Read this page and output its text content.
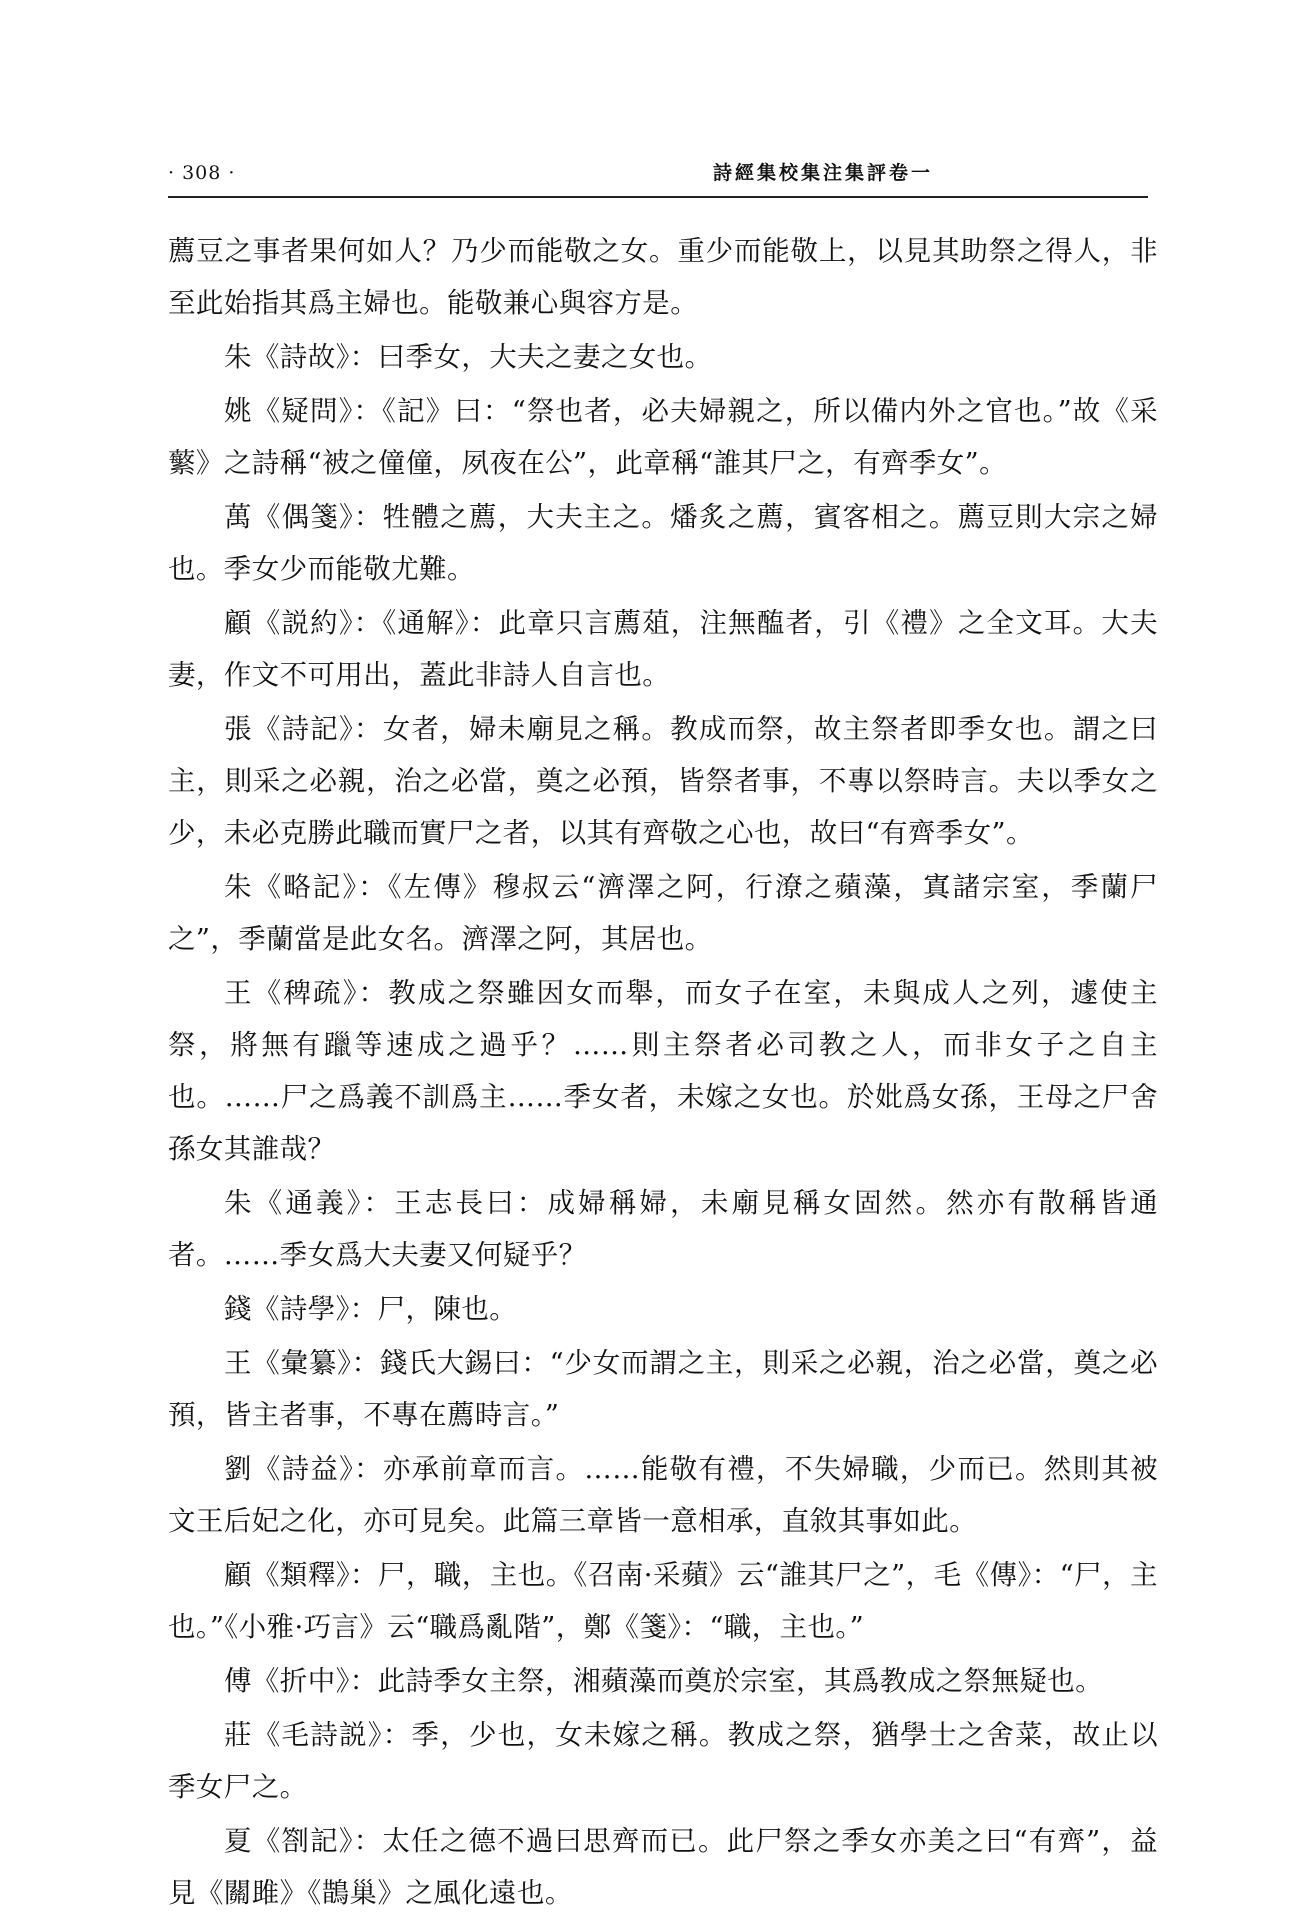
· 308 ·	詩經集校集注集評卷一

薦豆之事者果何如人？乃少而能敬之女。重少而能敬上，以見其助祭之得人，非至此始指其爲主婦也。能敬兼心與容方是。

朱《詩故》：曰季女，大夫之妻之女也。

姚《疑問》：《記》曰：“祭也者，必夫婦親之，所以備内外之官也。”故《采蘩》之詩稱“被之僮僮，夙夜在公”，此章稱“誰其尸之，有齊季女”。

萬《偶箋》：牲體之薦，大夫主之。燔炙之薦，賓客相之。薦豆則大宗之婦也。季女少而能敬尤難。

顧《説約》：《通解》：此章只言薦葅，注無醢者，引《禮》之全文耳。大夫妻，作文不可用出，蓋此非詩人自言也。

張《詩記》：女者，婦未廟見之稱。教成而祭，故主祭者即季女也。謂之曰主，則采之必親，治之必當，奠之必預，皆祭者事，不專以祭時言。夫以季女之少，未必克勝此職而實尸之者，以其有齊敬之心也，故曰“有齊季女”。

朱《略記》：《左傳》穆叔云“濟澤之阿，行潦之蘋藻，寘諸宗室，季蘭尸之”，季蘭當是此女名。濟澤之阿，其居也。

王《稗疏》：教成之祭雖因女而舉，而女子在室，未與成人之列，遽使主祭，將無有躐等速成之過乎？……則主祭者必司教之人，而非女子之自主也。……尸之爲義不訓爲主……季女者，未嫁之女也。於妣爲女孫，王母之尸舍孫女其誰哉？

朱《通義》：王志長曰：成婦稱婦，未廟見稱女固然。然亦有散稱皆通者。……季女爲大夫妻又何疑乎？

錢《詩學》：尸，陳也。

王《彙纂》：錢氏大錫曰：“少女而謂之主，則采之必親，治之必當，奠之必預，皆主者事，不專在薦時言。”

劉《詩益》：亦承前章而言。……能敬有禮，不失婦職，少而已。然則其被文王后妃之化，亦可見矣。此篇三章皆一意相承，直敘其事如此。

顧《類釋》：尸，職，主也。《召南·采蘋》云“誰其尸之”，毛《傳》：“尸，主也。”《小雅·巧言》云“職爲亂階”，鄭《箋》：“職，主也。”

傅《折中》：此詩季女主祭，湘蘋藻而奠於宗室，其爲教成之祭無疑也。

莊《毛詩説》：季，少也，女未嫁之稱。教成之祭，猶學士之舍菜，故止以季女尸之。

夏《劄記》：太任之德不過曰思齊而已。此尸祭之季女亦美之曰“有齊”，益見《關雎》《鵲巢》之風化遠也。
